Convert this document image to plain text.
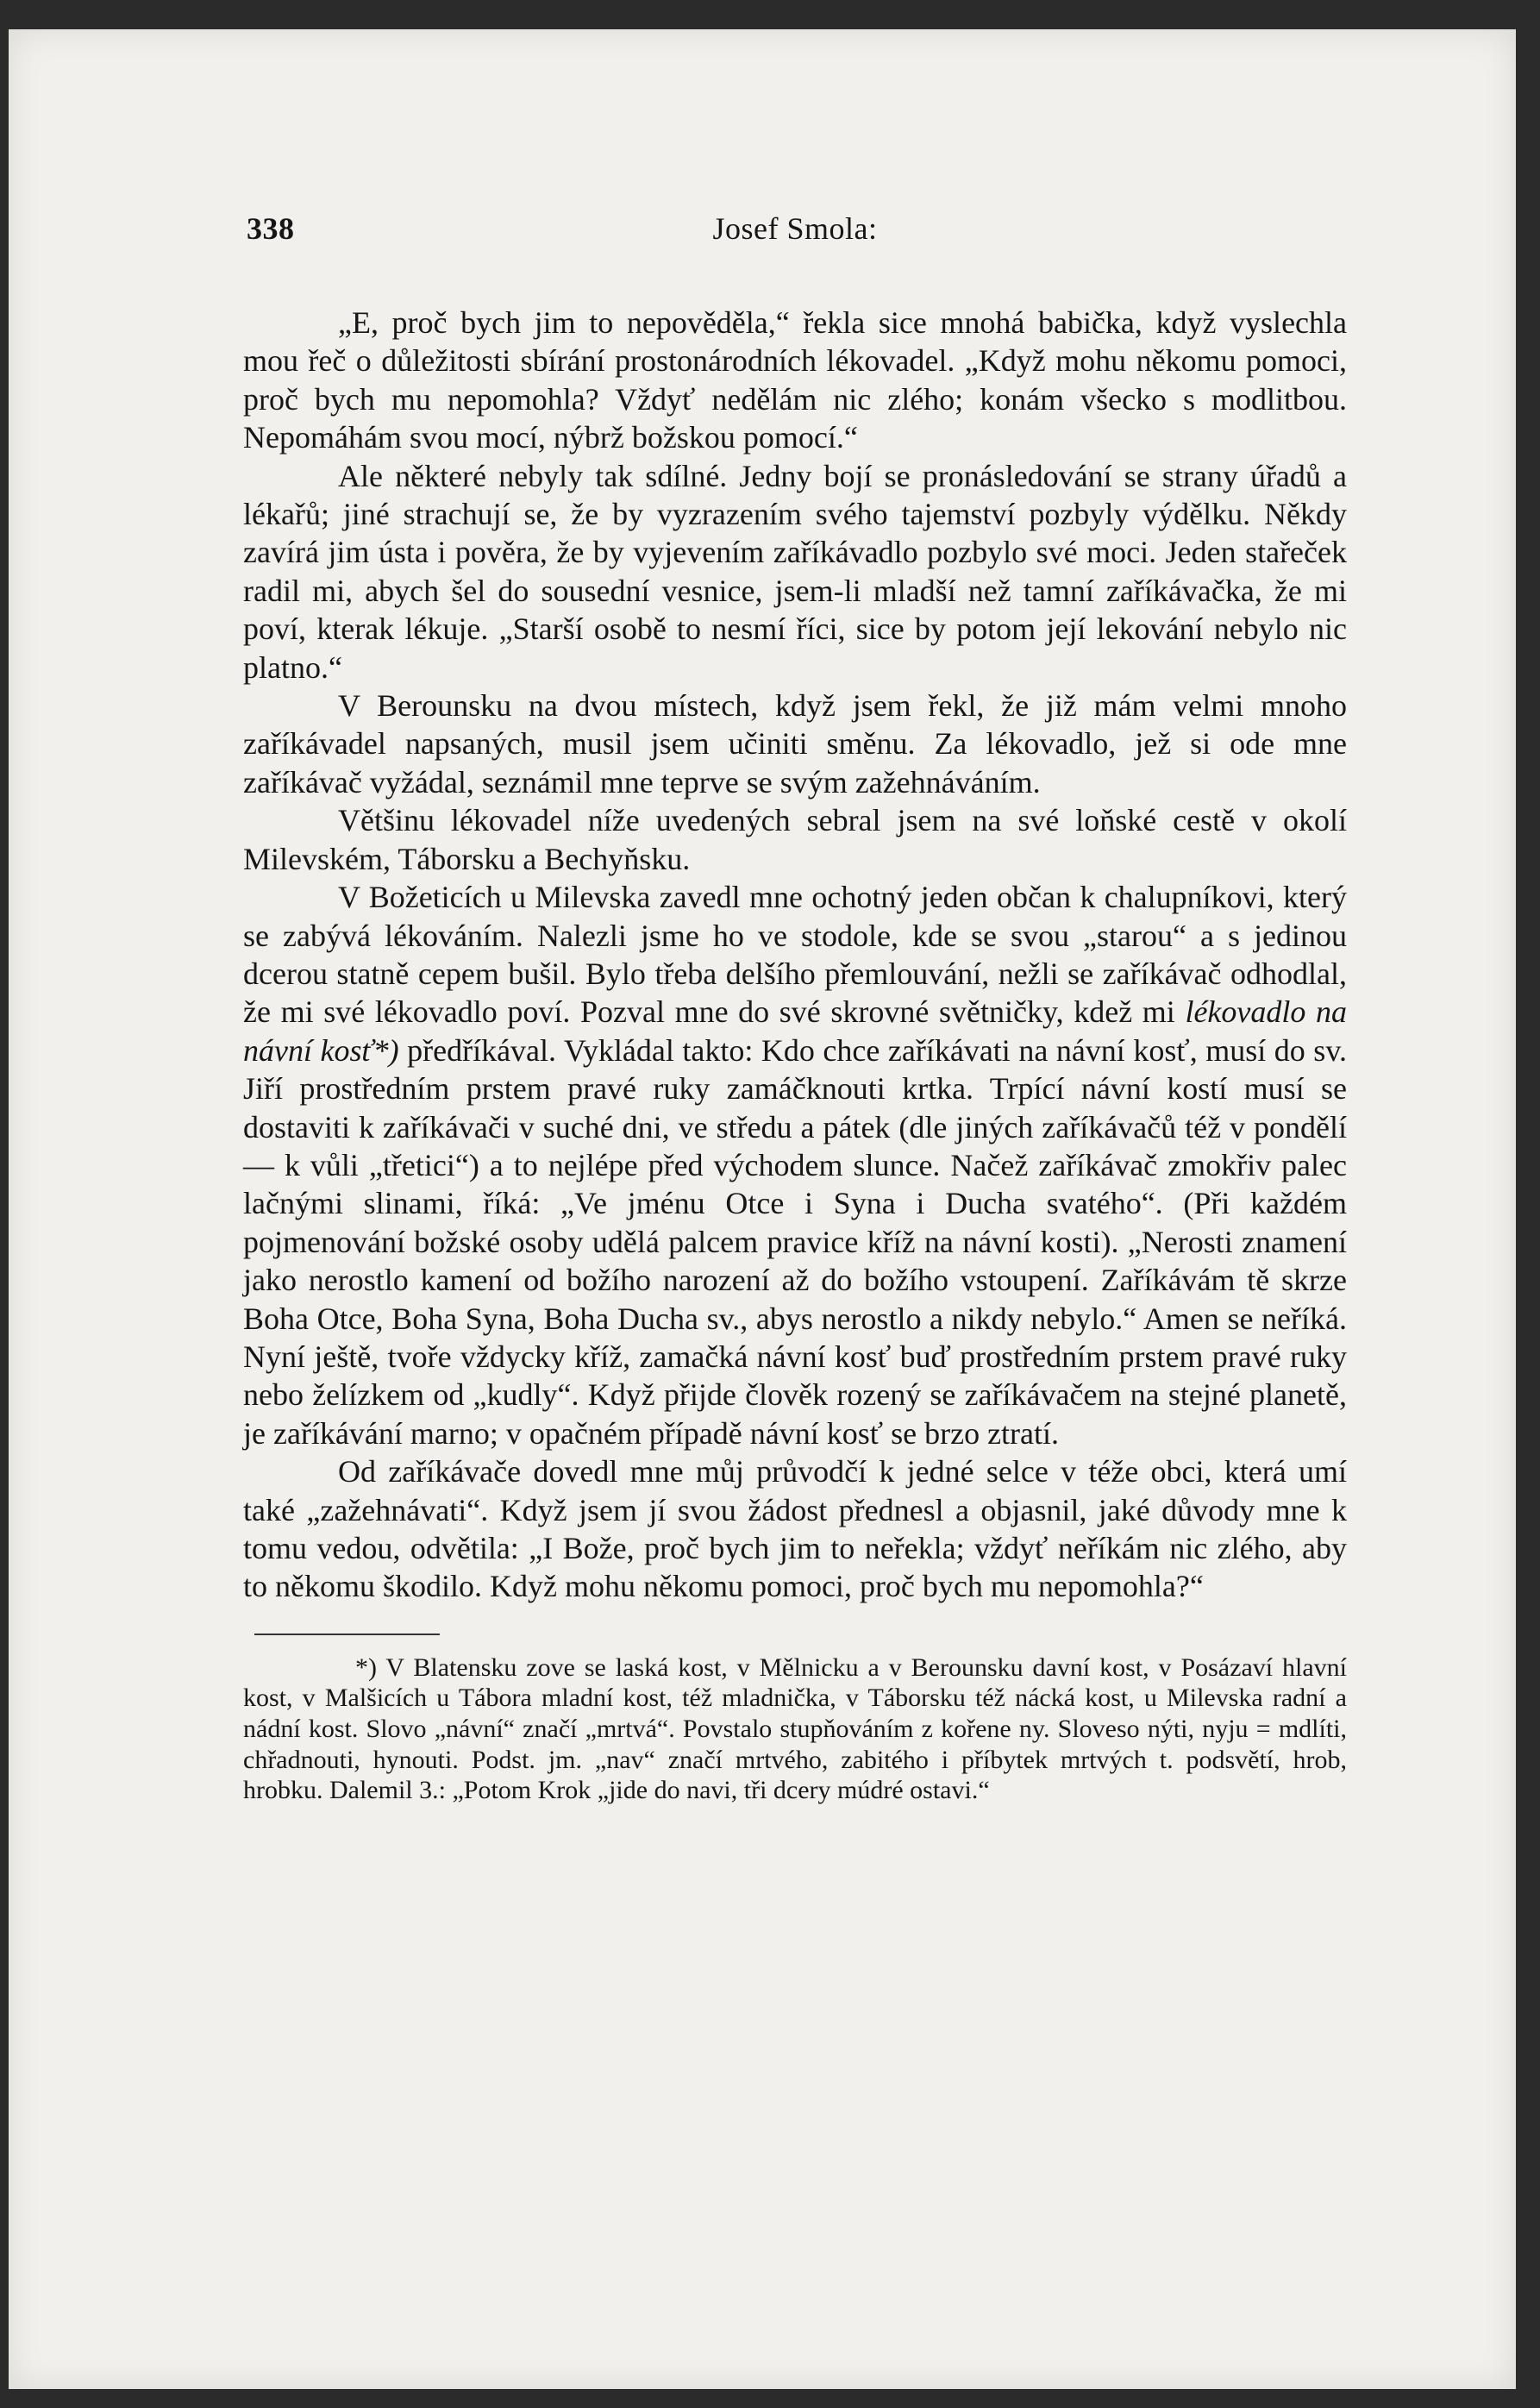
338	Josef Smola:

„E, proč bych jim to nepověděla,“ řekla sice mnohá babička, když vyslechla mou řeč o důležitosti sbírání prostonárodních lékovadel. „Když mohu někomu pomoci, proč bych mu nepomohla? Vždyť nedělám nic zlého; konám všecko s modlitbou. Nepomáhám svou mocí, nýbrž božskou pomocí.“

Ale některé nebyly tak sdílné. Jedny bojí se pronásledování se strany úřadů a lékařů; jiné strachují se, že by vyzrazením svého tajemství pozbyly výdělku. Někdy zavírá jim ústa i pověra, že by vyjevením zaříkávadlo pozbylo své moci. Jeden stařeček radil mi, abych šel do sousední vesnice, jsem-li mladší než tamní zaříkávačka, že mi poví, kterak lékuje. „Starší osobě to nesmí říci, sice by potom její lekování nebylo nic platno.“

V Berounsku na dvou místech, když jsem řekl, že již mám velmi mnoho zaříkávadel napsaných, musil jsem učiniti směnu. Za lékovadlo, jež si ode mne zaříkávač vyžádal, seznámil mne teprve se svým zažehnáváním.

Většinu lékovadel níže uvedených sebral jsem na své loňské cestě v okolí Milevském, Táborsku a Bechyňsku.

V Božeticích u Milevska zavedl mne ochotný jeden občan k chalupníkovi, který se zabývá lékováním. Nalezli jsme ho ve stodole, kde se svou „starou“ a s jedinou dcerou statně cepem bušil. Bylo třeba delšího přemlouvání, nežli se zaříkávač odhodlal, že mi své lékovadlo poví. Pozval mne do své skrovné světničky, kdež mi lékovadlo na návní kosť*) předříkával. Vykládal takto: Kdo chce zaříkávati na návní kosť, musí do sv. Jiří prostředním prstem pravé ruky zamáčknouti krtka. Trpící návní kostí musí se dostaviti k zaříkávači v suché dni, ve středu a pátek (dle jiných zaříkávačů též v pondělí — k vůli „třetici“) a to nejlépe před východem slunce. Načež zaříkávač zmokřiv palec lačnými slinami, říká: „Ve jménu Otce i Syna i Ducha svatého“. (Při každém pojmenování božské osoby udělá palcem pravice kříž na návní kosti). „Nerosti znamení jako nerostlo kamení od božího narození až do božího vstoupení. Zaříkávám tě skrze Boha Otce, Boha Syna, Boha Ducha sv., abys nerostlo a nikdy nebylo.“ Amen se neříká. Nyní ještě, tvoře vždycky kříž, zamačká návní kosť buď prostředním prstem pravé ruky nebo želízkem od „kudly“. Když přijde člověk rozený se zaříkávačem na stejné planetě, je zaříkávání marno; v opačném případě návní kosť se brzo ztratí.

Od zaříkávače dovedl mne můj průvodčí k jedné selce v téže obci, která umí také „zažehnávati“. Když jsem jí svou žádost přednesl a objasnil, jaké důvody mne k tomu vedou, odvětila: „I Bože, proč bych jim to neřekla; vždyť neříkám nic zlého, aby to někomu škodilo. Když mohu někomu pomoci, proč bych mu nepomohla?“

*) V Blatensku zove se laská kost, v Mělnicku a v Berounsku davní kost, v Posázaví hlavní kost, v Malšicích u Tábora mladní kost, též mladnička, v Táborsku též nácká kost, u Milevska radní a nádní kost. Slovo „návní“ značí „mrtvá“. Povstalo stupňováním z kořene ny. Sloveso nýti, nyju = mdlíti, chřadnouti, hynouti. Podst. jm. „nav“ značí mrtvého, zabitého i příbytek mrtvých t. podsvětí, hrob, hrobku. Dalemil 3.: „Potom Krok „jide do navi, tři dcery múdré ostavi.“
